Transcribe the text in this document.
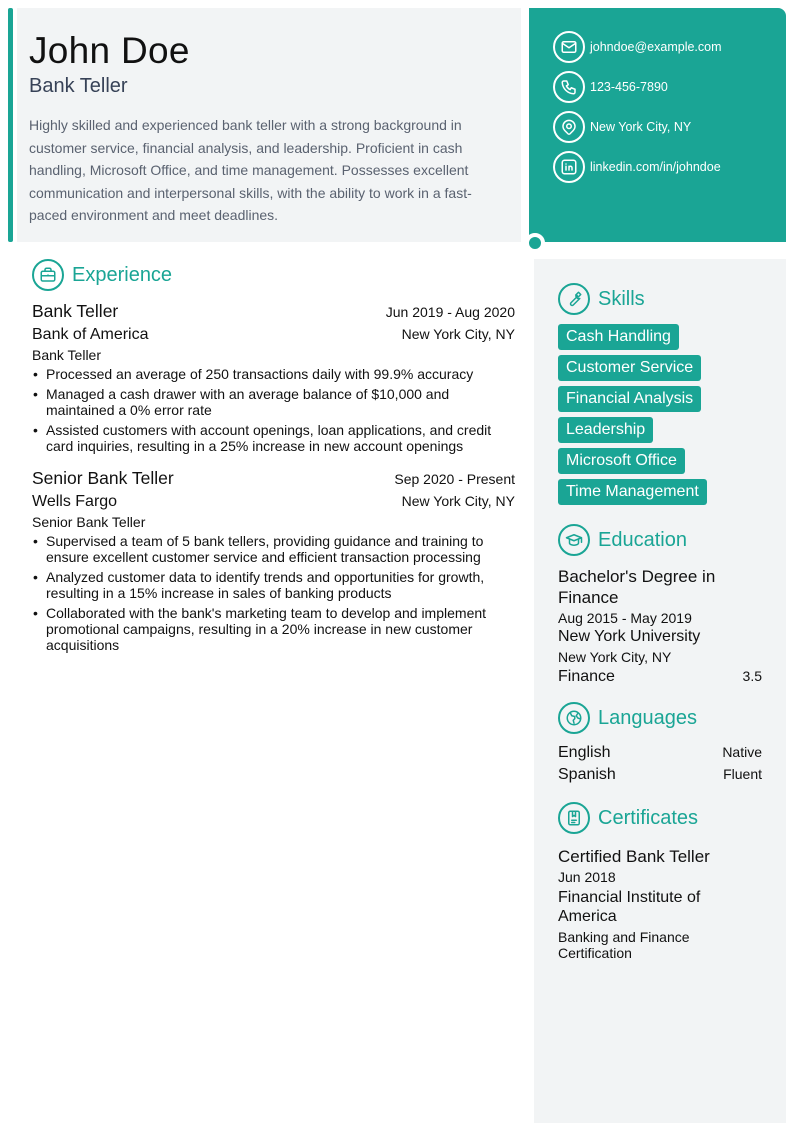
John Doe
Bank Teller
Highly skilled and experienced bank teller with a strong background in customer service, financial analysis, and leadership. Proficient in cash handling, Microsoft Office, and time management. Possesses excellent communication and interpersonal skills, with the ability to work in a fast-paced environment and meet deadlines.
johndoe@example.com
123-456-7890
New York City, NY
linkedin.com/in/johndoe
Experience
Bank Teller	Jun 2019 - Aug 2020
Bank of America	New York City, NY
Bank Teller
• Processed an average of 250 transactions daily with 99.9% accuracy
• Managed a cash drawer with an average balance of $10,000 and maintained a 0% error rate
• Assisted customers with account openings, loan applications, and credit card inquiries, resulting in a 25% increase in new account openings
Senior Bank Teller	Sep 2020 - Present
Wells Fargo	New York City, NY
Senior Bank Teller
• Supervised a team of 5 bank tellers, providing guidance and training to ensure excellent customer service and efficient transaction processing
• Analyzed customer data to identify trends and opportunities for growth, resulting in a 15% increase in sales of banking products
• Collaborated with the bank's marketing team to develop and implement promotional campaigns, resulting in a 20% increase in new customer acquisitions
Skills
Cash Handling
Customer Service
Financial Analysis
Leadership
Microsoft Office
Time Management
Education
Bachelor's Degree in Finance
Aug 2015 - May 2019
New York University
New York City, NY
Finance	3.5
Languages
English	Native
Spanish	Fluent
Certificates
Certified Bank Teller
Jun 2018
Financial Institute of America
Banking and Finance Certification
